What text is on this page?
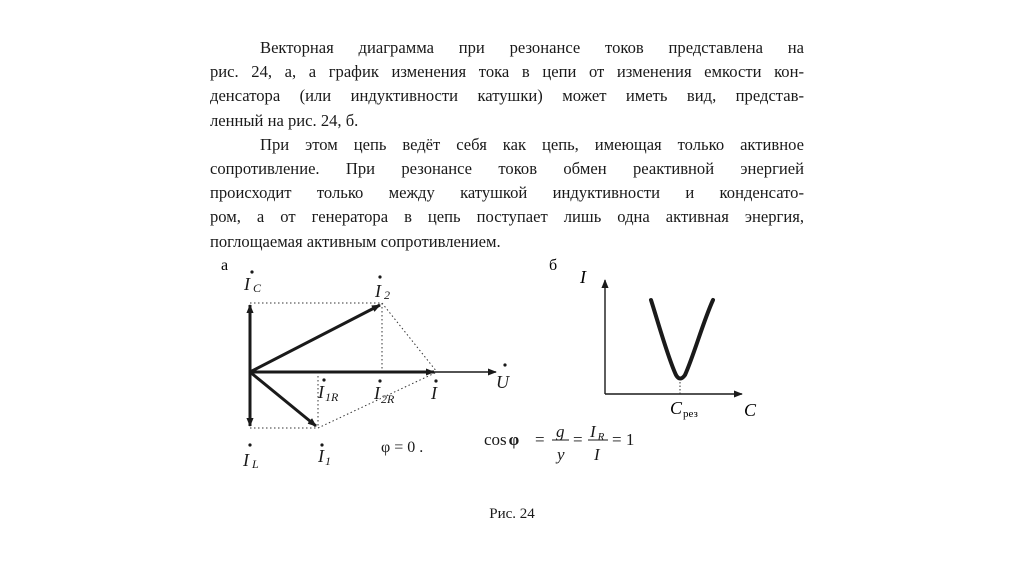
Векторная диаграмма при резонансе токов представлена на
рис. 24, а, а график изменения тока в цепи от изменения емкости кон-
денсатора (или индуктивности катушки) может иметь вид, представ-
ленный на рис. 24, б.

При этом цепь ведёт себя как цепь, имеющая только активное
сопротивление. При резонансе токов обмен реактивной энергией
происходит только между катушкой индуктивности и конденсато-
ром, а от генератора в цепь поступает лишь одна активная энергия,
поглощаемая активным сопротивлением.

а
I C	I 2
I1R $I_{2R}$ I
U
I L	I1
φ = 0 .
б
I
C
Cрез
cos φ = g
y
= I R
I
= 1
Рис. 24
